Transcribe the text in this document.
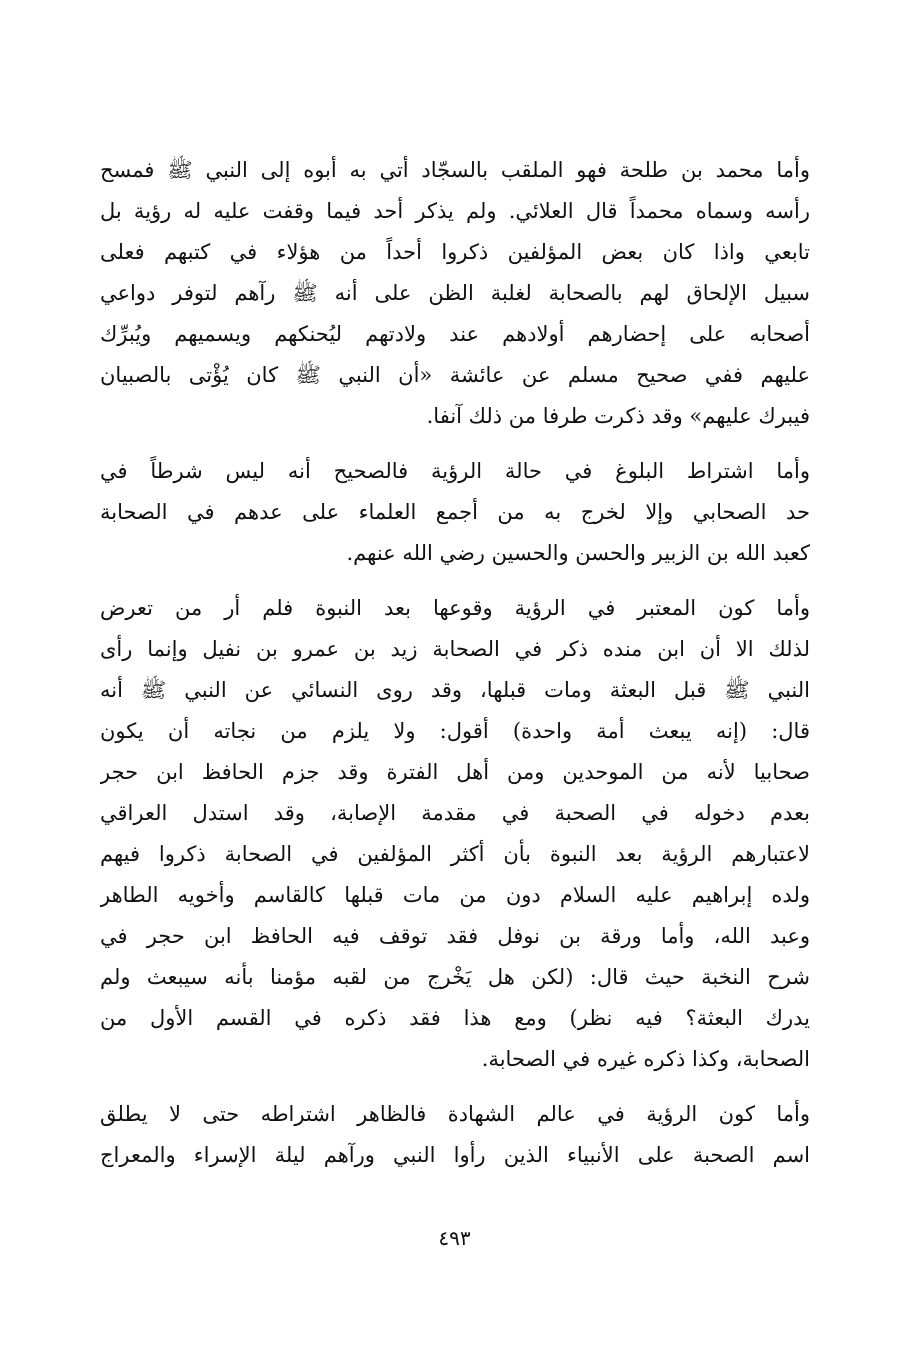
وأما محمد بن طلحة فهو الملقب بالسجّاد أتي به أبوه إلى النبي ﷺ فمسح
رأسه وسماه محمداً قال العلائي. ولم يذكر أحد فيما وقفت عليه له رؤية بل
تابعي واذا كان بعض المؤلفين ذكروا أحداً من هؤلاء في كتبهم فعلى
سبيل الإلحاق لهم بالصحابة لغلبة الظن على أنه ﷺ رآهم لتوفر دواعي
أصحابه على إحضارهم أولادهم عند ولادتهم ليُحنكهم ويسميهم ويُبرِّك
عليهم ففي صحيح مسلم عن عائشة «أن النبي ﷺ كان يُؤْتى بالصبيان
فيبرك عليهم» وقد ذكرت طرفا من ذلك آنفا.
وأما اشتراط البلوغ في حالة الرؤية فالصحيح أنه ليس شرطاً في
حد الصحابي وإلا لخرج به من أجمع العلماء على عدهم في الصحابة
كعبد الله بن الزبير والحسن والحسين رضي الله عنهم.
وأما كون المعتبر في الرؤية وقوعها بعد النبوة فلم أر من تعرض
لذلك الا أن ابن منده ذكر في الصحابة زيد بن عمرو بن نفيل وإنما رأى
النبي ﷺ قبل البعثة ومات قبلها، وقد روى النسائي عن النبي ﷺ أنه
قال: (إنه يبعث أمة واحدة) أقول: ولا يلزم من نجاته أن يكون
صحابيا لأنه من الموحدين ومن أهل الفترة وقد جزم الحافظ ابن حجر
بعدم دخوله في الصحبة في مقدمة الإصابة، وقد استدل العراقي
لاعتبارهم الرؤية بعد النبوة بأن أكثر المؤلفين في الصحابة ذكروا فيهم
ولده إبراهيم عليه السلام دون من مات قبلها كالقاسم وأخويه الطاهر
وعبد الله، وأما ورقة بن نوفل فقد توقف فيه الحافظ ابن حجر في
شرح النخبة حيث قال: (لكن هل يَخْرج من لقبه مؤمنا بأنه سيبعث ولم
يدرك البعثة؟ فيه نظر) ومع هذا فقد ذكره في القسم الأول من
الصحابة، وكذا ذكره غيره في الصحابة.
وأما كون الرؤية في عالم الشهادة فالظاهر اشتراطه حتى لا يطلق
اسم الصحبة على الأنبياء الذين رأوا النبي ورآهم ليلة الإسراء والمعراج
٤٩٣
